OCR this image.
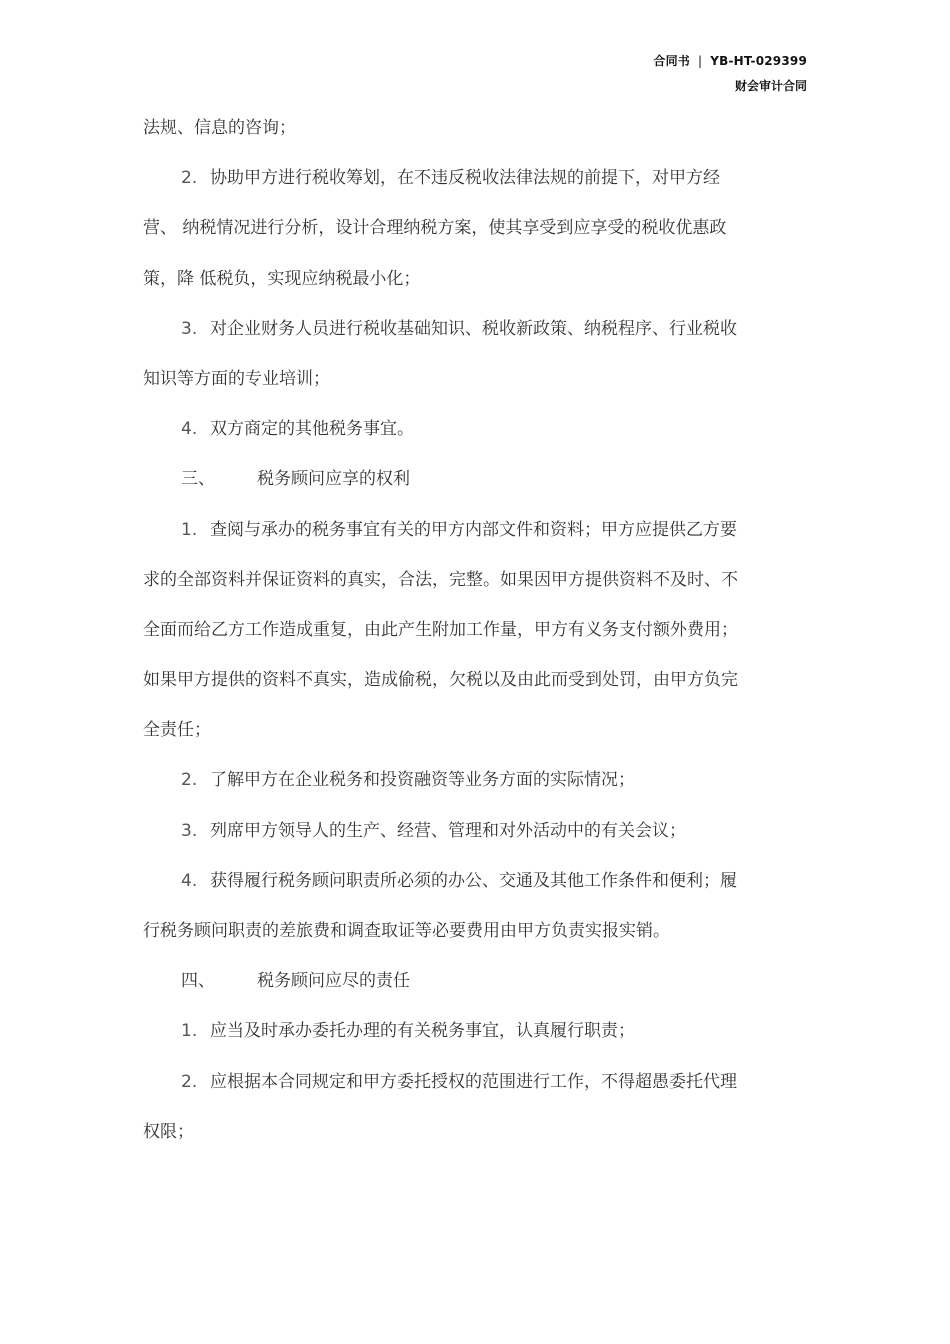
合同书 | YB-HT-029399
财会审计合同
法规、信息的咨询；
2. 协助甲方进行税收筹划，在不违反税收法律法规的前提下，对甲方经
营、 纳税情况进行分析，设计合理纳税方案，使其享受到应享受的税收优惠政
策，降 低税负，实现应纳税最小化；
3. 对企业财务人员进行税收基础知识、税收新政策、纳税程序、行业税收
知识等方面的专业培训；
4. 双方商定的其他税务事宜。
三、 税务顾问应享的权利
1. 查阅与承办的税务事宜有关的甲方内部文件和资料；甲方应提供乙方要
求的全部资料并保证资料的真实，合法，完整。如果因甲方提供资料不及时、不
全面而给乙方工作造成重复，由此产生附加工作量，甲方有义务支付额外费用；
如果甲方提供的资料不真实，造成偷税，欠税以及由此而受到处罚，由甲方负完
全责任；
2. 了解甲方在企业税务和投资融资等业务方面的实际情况；
3. 列席甲方领导人的生产、经营、管理和对外活动中的有关会议；
4. 获得履行税务顾问职责所必须的办公、交通及其他工作条件和便利；履
行税务顾问职责的差旅费和调查取证等必要费用由甲方负责实报实销。
四、 税务顾问应尽的责任
1. 应当及时承办委托办理的有关税务事宜，认真履行职责；
2. 应根据本合同规定和甲方委托授权的范围进行工作，不得超愚委托代理
权限；
